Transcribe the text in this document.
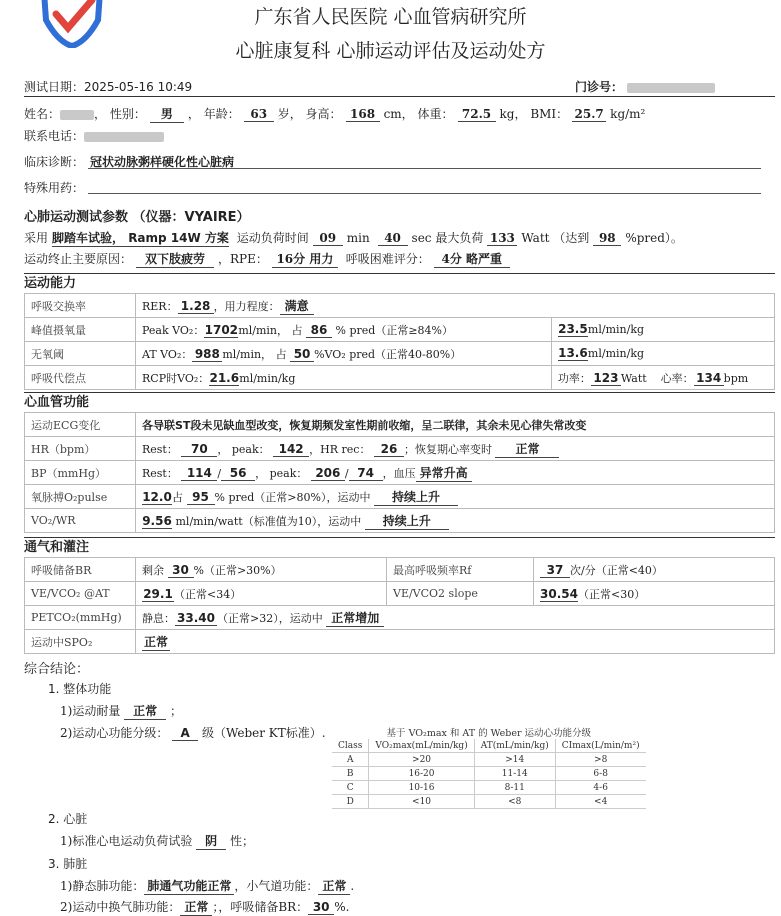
广东省人民医院 心血管病研究所
心脏康复科 心肺运动评估及运动处方
测试日期：2025-05-16 10:49	门诊号：
姓名：	， 性别： 男 ， 年龄： 63 岁， 身高： 168 cm， 体重： 72.5 kg， BMI： 25.7 kg/m²
联系电话：
临床诊断： 冠状动脉粥样硬化性心脏病
特殊用药：
心肺运动测试参数 （仪器：VYAIRE）
采用 脚踏车试验， Ramp 14W 方案 运动负荷时间 09 min 40 sec 最大负荷 133 Watt （达到 98 %pred）。
运动终止主要原因： 双下肢疲劳 ，RPE： 16分 用力 呼吸困难评分： 4分 略严重
运动能力
呼吸交换率	RER： 1.28 ，用力程度： 满意	
峰值摄氧量	Peak VO₂：1702ml/min， 占 86 % pred（正常≥84%）	23.5ml/min/kg
无氧阈	AT VO₂： 988 ml/min， 占 50 %VO₂ pred（正常40-80%）	13.6ml/min/kg
呼吸代偿点	RCP时VO₂：21.6ml/min/kg	功率： 123 Watt 心率： 134 bpm
心血管功能
运动ECG变化	各导联ST段未见缺血型改变，恢复期频发室性期前收缩，呈二联律，其余未见心律失常改变
HR（bpm）	Rest： 70 ， peak： 142 ，HR rec： 26 ；恢复期心率变时 正常
BP（mmHg）	Rest： 114 / 56 ， peak： 206 / 74 ，血压 异常升高
氧脉搏O₂pulse	12.0占 95 % pred（正常>80%），运动中 持续上升
VO₂/WR	9.56 ml/min/watt（标准值为10），运动中 持续上升
通气和灌注
呼吸储备BR	剩余 30 %（正常>30%）	最高呼吸频率Rf	37 次/分（正常<40）
VE/VCO₂ @AT	29.1（正常<34）	VE/VCO2 slope	30.54（正常<30）
PETCO₂(mmHg)	静息： 33.40 （正常>32），运动中 正常增加		
运动中SPO₂	正常		
综合结论：
1. 整体功能
1)运动耐量 正常 ；
2)运动心功能分级： A 级（Weber KT标准）.	基于 VO₂max 和 AT 的 Weber 运动心功能分级			
Class	VO₂max(mL/min/kg)	AT(mL/min/kg)	CImax(L/min/m²)
A	>20	>14	>8
B	16-20	11-14	6-8
C	10-16	8-11	4-6
D	<10	<8	<4
2. 心脏
1)标准心电运动负荷试验 阴 性；
3. 肺脏
1)静态肺功能： 肺通气功能正常 ，小气道功能： 正常 .
2)运动中换气肺功能： 正常 ；，呼吸储备BR： 30 %.
